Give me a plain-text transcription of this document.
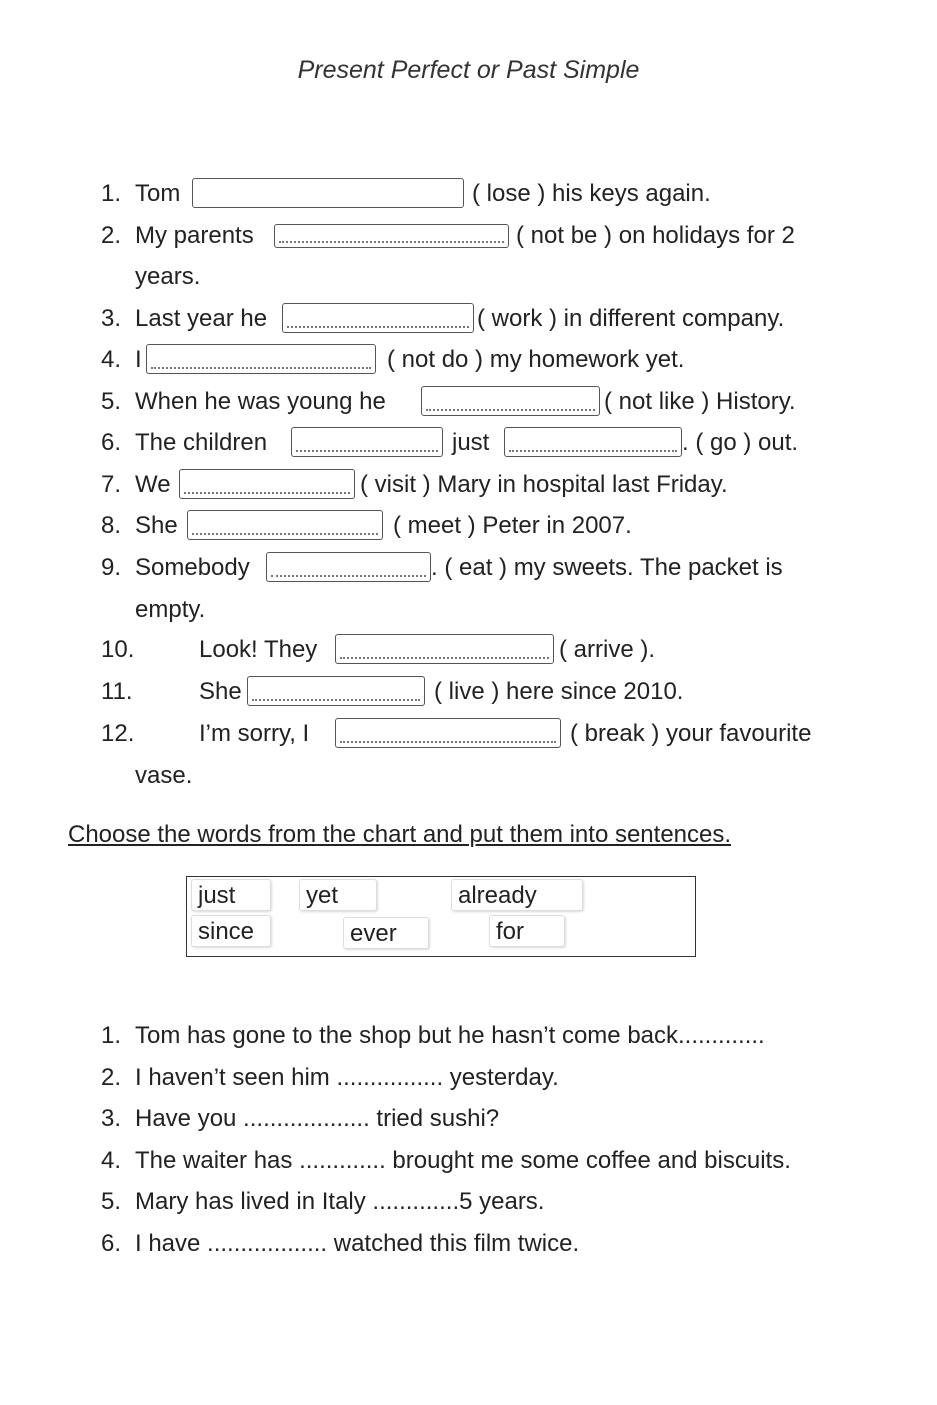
Present Perfect or Past Simple
1. Tom	( lose ) his keys again.
2. My parents	( not be ) on holidays for 2
years.
3. Last year he	( work ) in different company.
4. I	( not do ) my homework yet.
5. When he was young he	( not like ) History.
6. The children	just	. ( go ) out.
7. We	( visit ) Mary in hospital last Friday.
8. She	( meet ) Peter in 2007.
9. Somebody	. ( eat ) my sweets. The packet is
empty.
10.	Look! They	( arrive ).
11.	She	( live ) here since 2010.
12.	I’m sorry, I	( break ) your favourite
vase.
Choose the words from the chart and put them into sentences.
just	yet	already
since	ever	for
1. Tom has gone to the shop but he hasn’t come back.............
2. I haven’t seen him ................ yesterday.
3. Have you ................... tried sushi?
4. The waiter has ............. brought me some coffee and biscuits.
5. Mary has lived in Italy .............5 years.
6. I have .................. watched this film twice.
